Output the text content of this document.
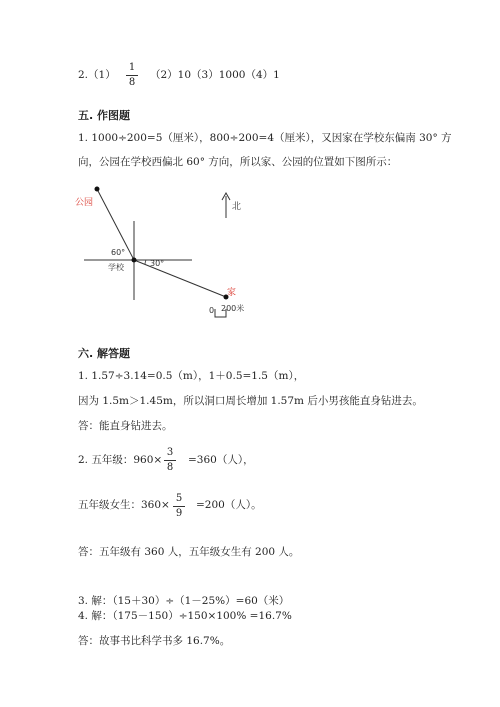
2.（1）
1
8
（2）10（3）1000（4）1
五. 作图题
1. 1000÷200=5（厘米），800÷200=4（厘米），又因家在学校东偏南 30° 方
向，公园在学校西偏北 60° 方向，所以家、公园的位置如下图所示：
公园
60°
学校	30°
北
家
0 200米
六. 解答题
1. 1.57÷3.14=0.5（m），1＋0.5=1.5（m），
因为 1.5m＞1.45m，所以洞口周长增加 1.57m 后小男孩能直身钻进去。
答：能直身钻进去。
2. 五年级：960×
3
8
=360（人），
五年级女生：360×
5
9
=200（人）。
答：五年级有 360 人，五年级女生有 200 人。
3. 解：（15＋30）÷（1－25%）=60（米）
4. 解：（175－150）÷150×100% =16.7%
答：故事书比科学书多 16.7%。
